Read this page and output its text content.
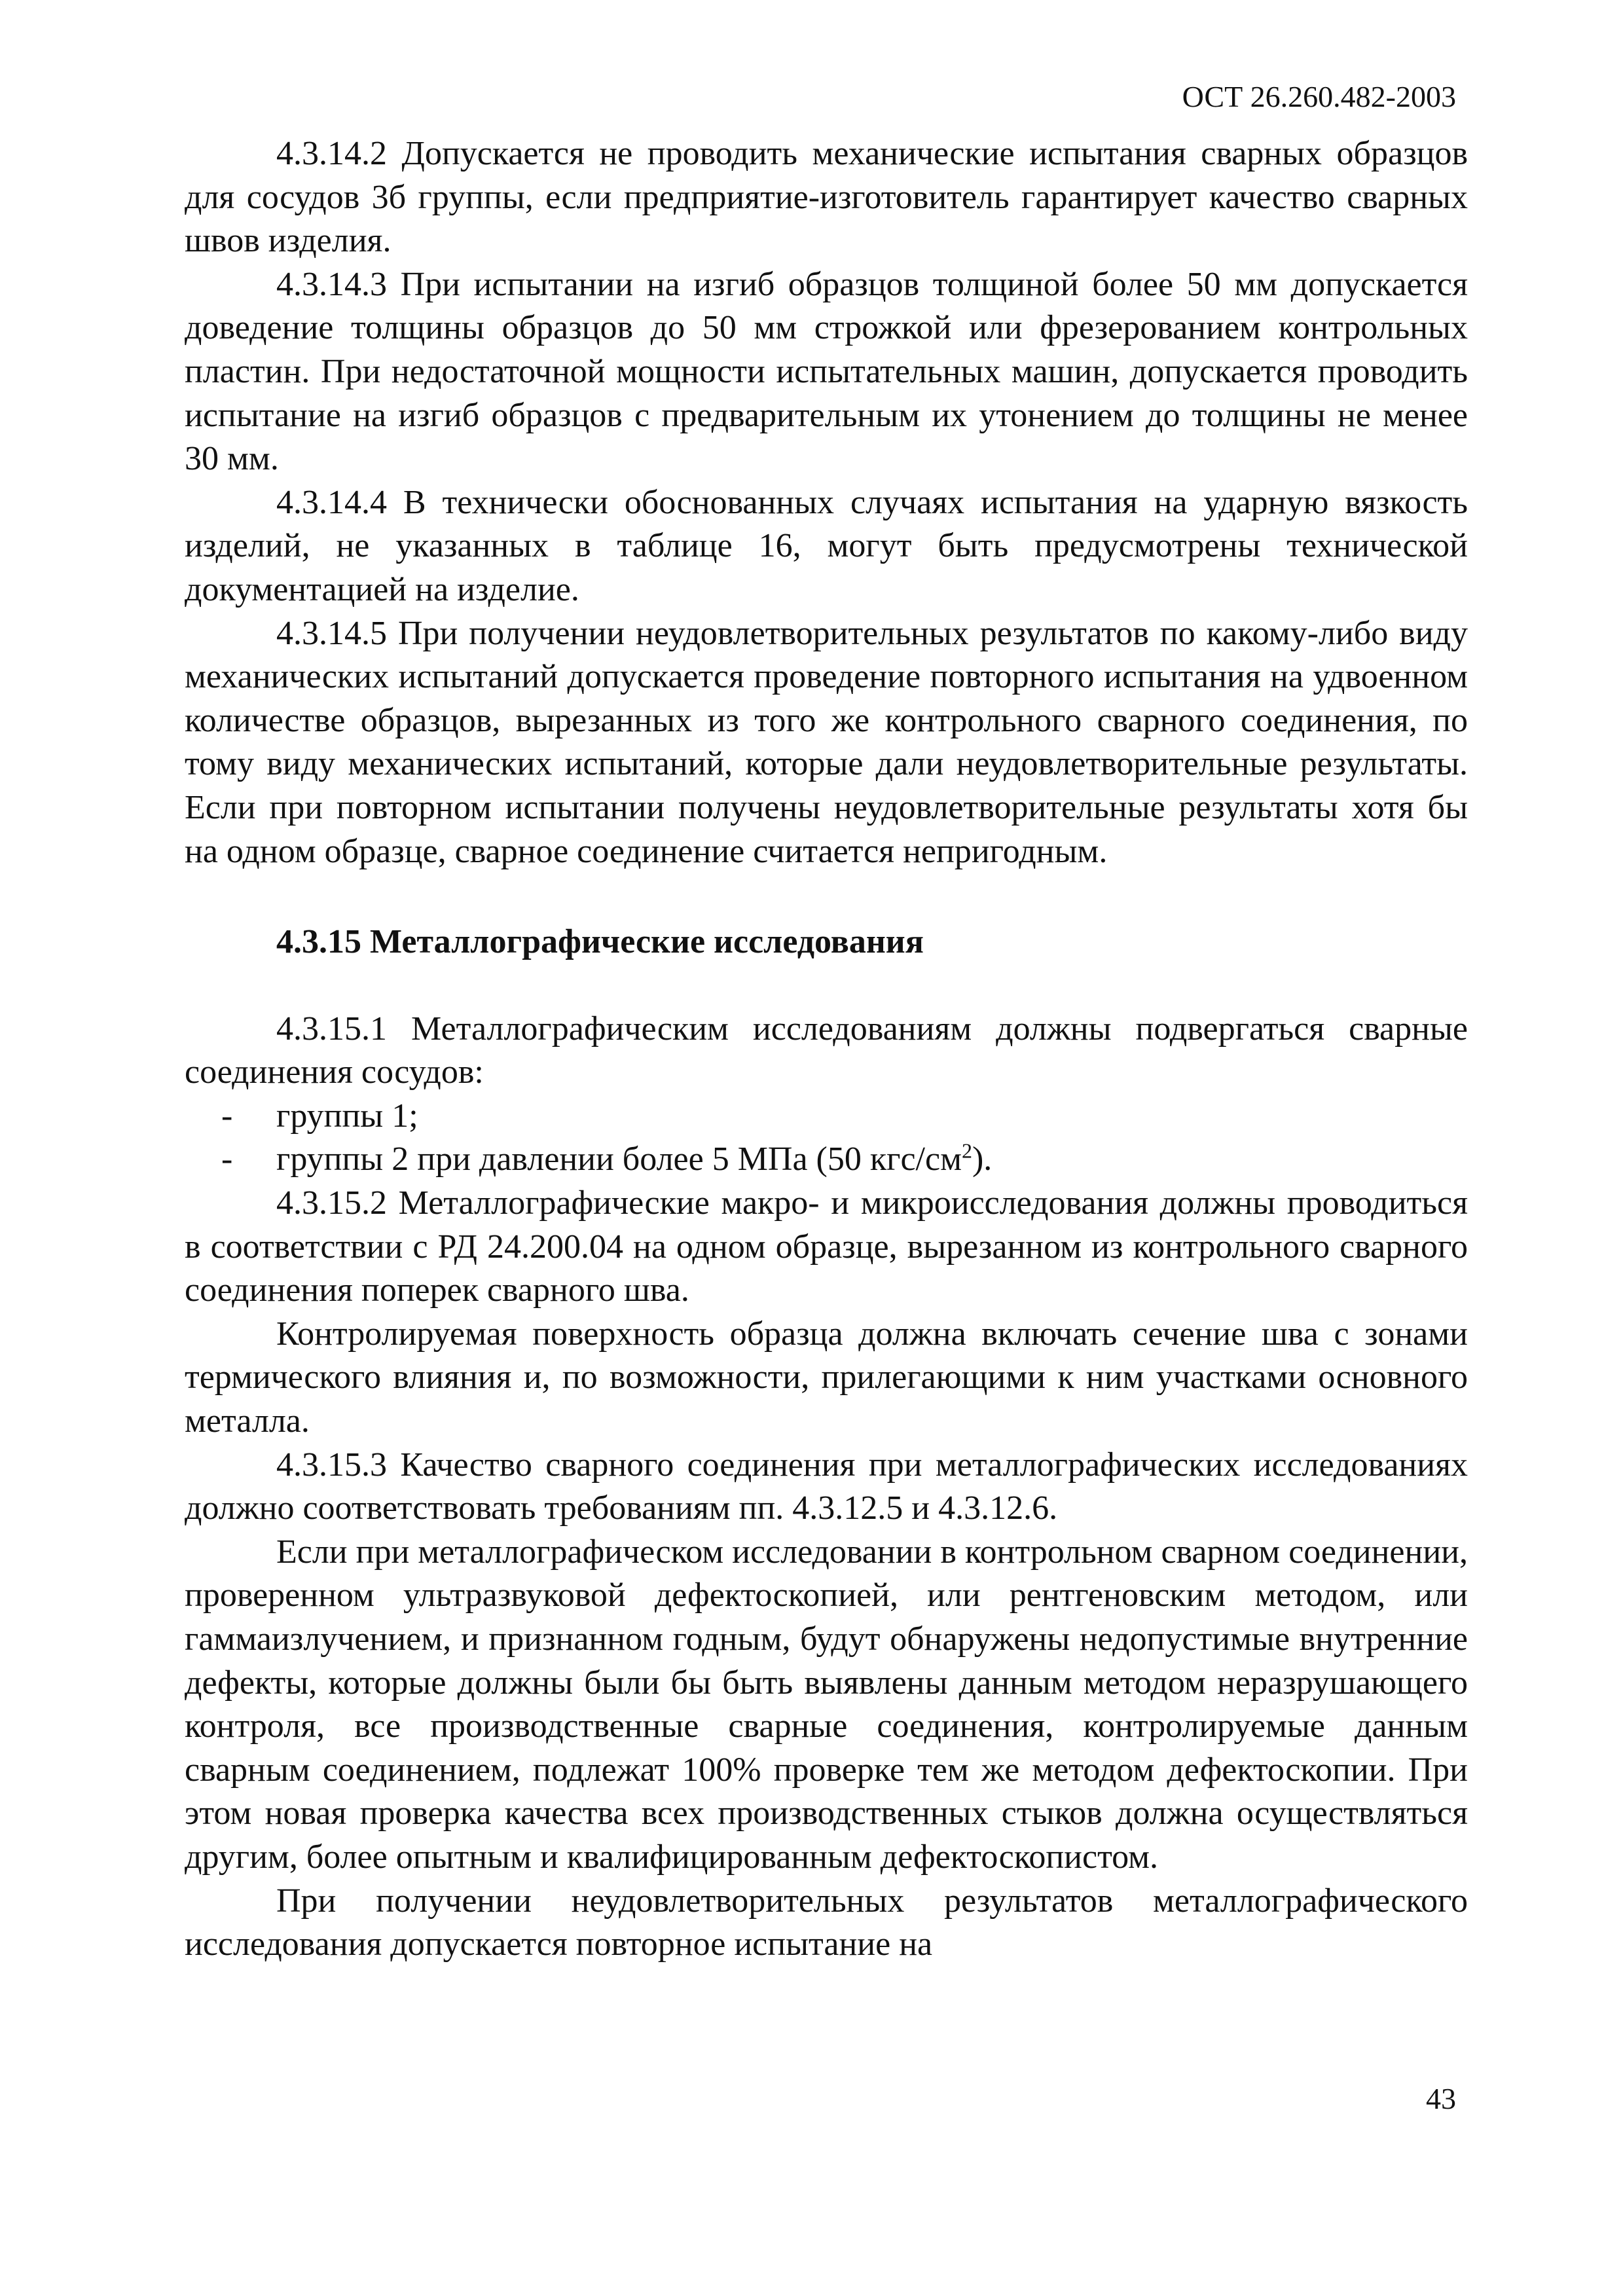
ОСТ 26.260.482-2003

4.3.14.2 Допускается не проводить механические испытания сварных образцов для сосудов 3б группы, если предприятие-изготовитель гарантирует качество сварных швов изделия.

4.3.14.3 При испытании на изгиб образцов толщиной более 50 мм допускается доведение толщины образцов до 50 мм строжкой или фрезерованием контрольных пластин. При недостаточной мощности испытательных машин, допускается проводить испытание на изгиб образцов с предварительным их утонением до толщины не менее 30 мм.

4.3.14.4 В технически обоснованных случаях испытания на ударную вязкость изделий, не указанных в таблице 16, могут быть предусмотрены технической документацией на изделие.

4.3.14.5 При получении неудовлетворительных результатов по какому-либо виду механических испытаний допускается проведение повторного испытания на удвоенном количестве образцов, вырезанных из того же контрольного сварного соединения, по тому виду механических испытаний, которые дали неудовлетворительные результаты. Если при повторном испытании получены неудовлетворительные результаты хотя бы на одном образце, сварное соединение считается непригодным.

4.3.15 Металлографические исследования

4.3.15.1 Металлографическим исследованиям должны подвергаться сварные соединения сосудов:

- группы 1;
- группы 2 при давлении более 5 МПа (50 кгс/$см^2$).

4.3.15.2 Металлографические макро- и микроисследования должны проводиться в соответствии с РД 24.200.04 на одном образце, вырезанном из контрольного сварного соединения поперек сварного шва.

Контролируемая поверхность образца должна включать сечение шва с зонами термического влияния и, по возможности, прилегающими к ним участками основного металла.

4.3.15.3 Качество сварного соединения при металлографических исследованиях должно соответствовать требованиям пп. 4.3.12.5 и 4.3.12.6.

Если при металлографическом исследовании в контрольном сварном соединении, проверенном ультразвуковой дефектоскопией, или рентгеновским методом, или гаммаизлучением, и признанном годным, будут обнаружены недопустимые внутренние дефекты, которые должны были бы быть выявлены данным методом неразрушающего контроля, все производственные сварные соединения, контролируемые данным сварным соединением, подлежат 100% проверке тем же методом дефектоскопии. При этом новая проверка качества всех производственных стыков должна осуществляться другим, более опытным и квалифицированным дефектоскопистом.

При получении неудовлетворительных результатов металлографического исследования допускается повторное испытание на

43
